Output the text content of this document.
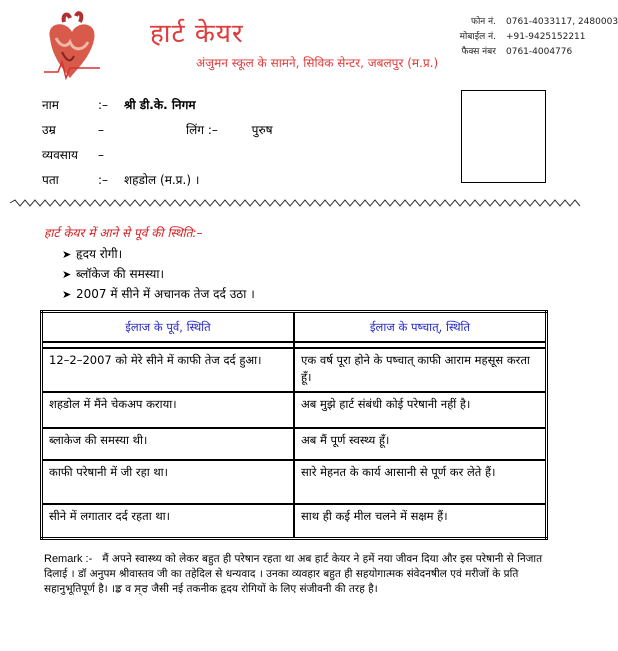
हार्ट केयर
अंजुमन स्कूल के सामने, सिविक सेन्टर, जबलपुर (म.प्र.)
फोन नं. 0761-4033117, 2480003
मोबाईल नं. +91-9425152211
फैक्स नंबर 0761-4004776
नाम	:– श्री डी.के. निगम
उम्र	–	लिंग :–	पुरुष
व्यवसाय –
पता	:– शहडोल (म.प्र.) ।
हार्ट केयर में आने से पूर्व की स्थिति:–
➤ हृदय रोगी।
➤ ब्लॉकेज की समस्या।
➤ 2007 में सीने में अचानक तेज दर्द उठा ।
ईलाज के पूर्व, स्थिति	ईलाज के पष्चात्, स्थिति

12–2–2007 को मेरे सीने में काफी तेज दर्द हुआ।	एक वर्ष पूरा होने के पष्चात् काफी आराम महसूस करता हूँ।
शहडोल में मैंने चेकअप कराया।	अब मुझे हार्ट संबंधी कोई परेषानी नहीं है।
ब्लाकेज की समस्या थी।	अब मैं पूर्ण स्वस्थ्य हूँ।
काफी परेषानी में जी रहा था।	सारे मेहनत के कार्य आसानी से पूर्ण कर लेते हैं।
सीने में लगातार दर्द रहता था।	साथ ही कई मील चलने में सक्षम हैं।
Remark :- मैं अपने स्वास्थ्य को लेकर बहुत ही परेषान रहता था अब हार्ट केयर ने हमें नया जीवन दिया और इस परेषानी से निजात दिलाई । डॉ अनुपम श्रीवास्तव जी का तहेदिल से धन्यवाद । उनका व्यवहार बहुत ही सहयोगात्मक संवेदनषील एवं मरीजों के प्रति सहानुभूतिपूर्ण है। ।ਡ व ਸ੍ਰ जैसी नई तकनीक हृदय रोगियों के लिए संजीवनी की तरह है।
